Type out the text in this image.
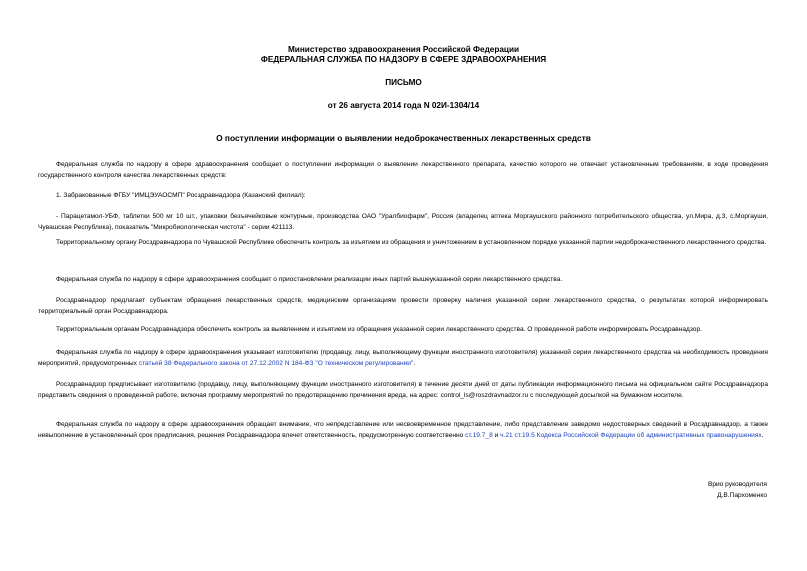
Министерство здравоохранения Российской Федерации
ФЕДЕРАЛЬНАЯ СЛУЖБА ПО НАДЗОРУ В СФЕРЕ ЗДРАВООХРАНЕНИЯ
ПИСЬМО
от 26 августа 2014 года N 02И-1304/14
О поступлении информации о выявлении недоброкачественных лекарственных средств

Федеральная служба по надзору в сфере здравоохранения сообщает о поступлении информации о выявлении лекарственного препарата, качество которого не отвечает установленным требованиям, в ходе проведения государственного контроля качества лекарственных средств:

1. Забракованные ФГБУ "ИМЦЭУАОСМП" Росздравнадзора (Казанский филиал):

- Парацетамол-УБФ, таблетки 500 мг 10 шт., упаковки безъячейковые контурные, производства ОАО "Уралбиофарм", Россия (владелец аптека Моргаушского районного потребительского общества, ул.Мира, д.3, с.Моргауши, Чувашская Республика), показатель "Микробиологическая чистота" - серии 421113.

Территориальному органу Росздравнадзора по Чувашской Республике обеспечить контроль за изъятием из обращения и уничтожением в установленном порядке указанной партии недоброкачественного лекарственного средства.

Федеральная служба по надзору в сфере здравоохранения сообщает о приостановлении реализации иных партий вышеуказанной серии лекарственного средства.

Росздравнадзор предлагает субъектам обращения лекарственных средств, медицинским организациям провести проверку наличия указанной серии лекарственного средства, о результатах которой информировать территориальный орган Росздравнадзора.

Территориальным органам Росздравнадзора обеспечить контроль за выявлением и изъятием из обращения указанной серии лекарственного средства. О проведенной работе информировать Росздравнадзор.

Федеральная служба по надзору в сфере здравоохранения указывает изготовителю (продавцу, лицу, выполняющему функции иностранного изготовителя) указанной серии лекарственного средства на необходимость проведения мероприятий, предусмотренных статьей 38 Федерального закона от 27.12.2002 N 184-ФЗ "О техническом регулировании".

Росздравнадзор предписывает изготовителю (продавцу, лицу, выполняющему функции иностранного изготовителя) в течение десяти дней от даты публикации информационного письма на официальном сайте Росздравнадзора представить сведения о проведенной работе, включая программу мероприятий по предотвращению причинения вреда, на адрес: control_ls@roszdravnadzor.ru с последующей досылкой на бумажном носителе.

Федеральная служба по надзору в сфере здравоохранения обращает внимание, что непредставление или несвоевременное представление, либо представление заведомо недостоверных сведений в Росздравнадзор, а также невыполнение в установленный срок предписания, решения Росздравнадзора влечет ответственность, предусмотренную соответственно ст.19.7_8 и ч.21 ст.19.5 Кодекса Российской Федерации об административных правонарушениях.

Врио руководителя
Д.В.Пархоменко
